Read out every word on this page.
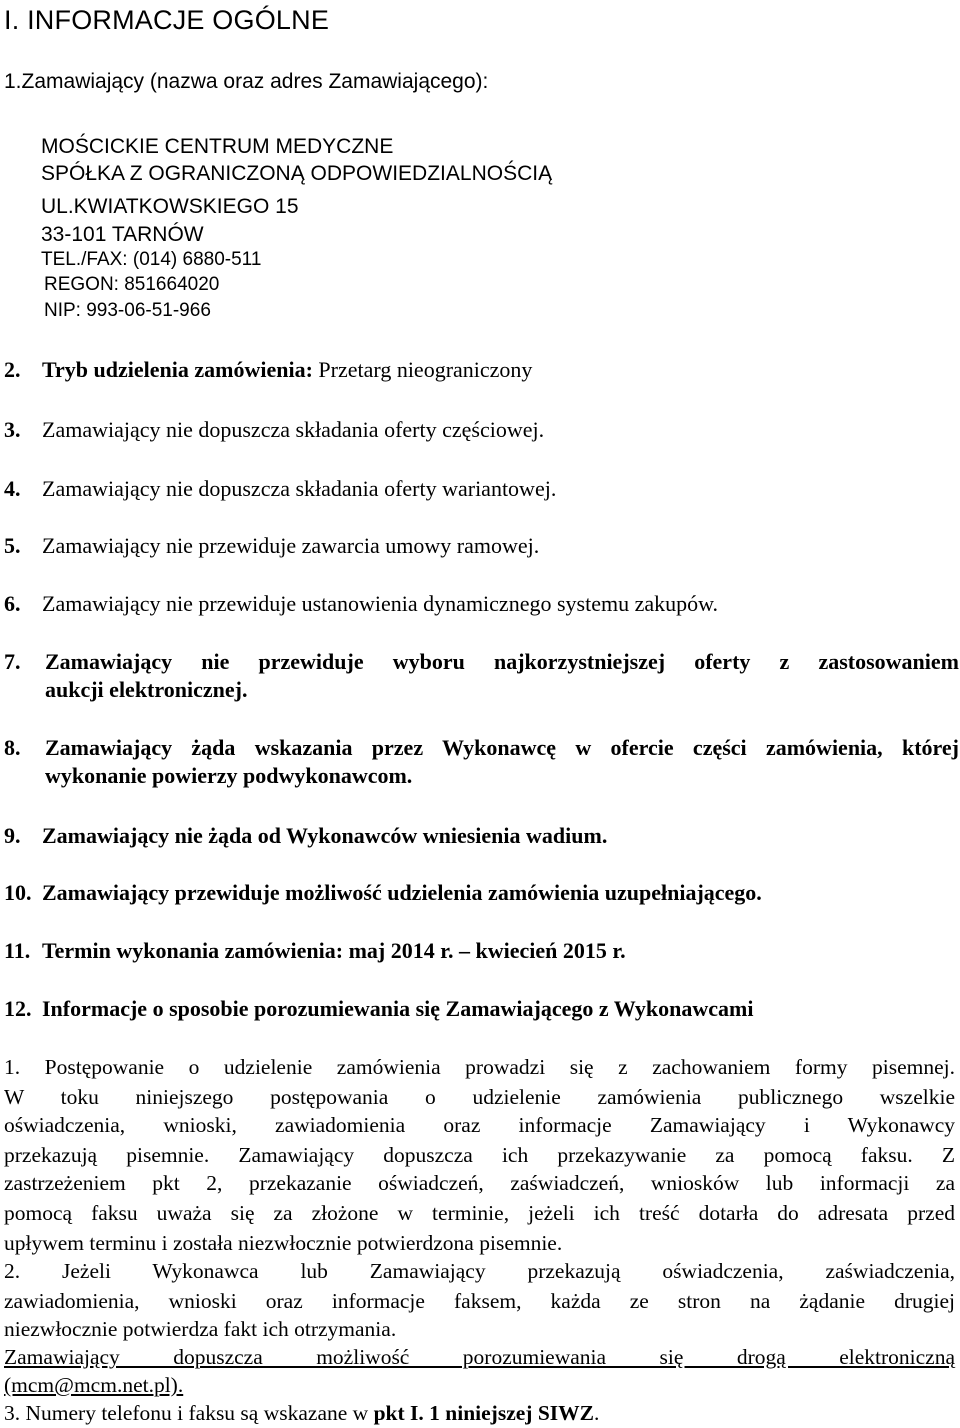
I. INFORMACJE OGÓLNE
1.Zamawiający (nazwa oraz adres Zamawiającego):
MOŚCICKIE CENTRUM MEDYCZNE
SPÓŁKA Z OGRANICZONĄ ODPOWIEDZIALNOŚCIĄ
UL.KWIATKOWSKIEGO 15
33-101 TARNÓW
TEL./FAX: (014) 6880-511
REGON: 851664020
NIP: 993-06-51-966
2. Tryb udzielenia zamówienia: Przetarg nieograniczony
3. Zamawiający nie dopuszcza składania oferty częściowej.
4. Zamawiający nie dopuszcza składania oferty wariantowej.
5. Zamawiający nie przewiduje zawarcia umowy ramowej.
6. Zamawiający nie przewiduje ustanowienia dynamicznego systemu zakupów.
7. Zamawiający nie przewiduje wyboru najkorzystniejszej oferty z zastosowaniem
aukcji elektronicznej.
8. Zamawiający żąda wskazania przez Wykonawcę w ofercie części zamówienia, której
wykonanie powierzy podwykonawcom.
9. Zamawiający nie żąda od Wykonawców wniesienia wadium.
10. Zamawiający przewiduje możliwość udzielenia zamówienia uzupełniającego.
11. Termin wykonania zamówienia: maj 2014 r. – kwiecień 2015 r.
12. Informacje o sposobie porozumiewania się Zamawiającego z Wykonawcami
1. Postępowanie o udzielenie zamówienia prowadzi się z zachowaniem formy pisemnej.
W toku niniejszego postępowania o udzielenie zamówienia publicznego wszelkie
oświadczenia, wnioski, zawiadomienia oraz informacje Zamawiający i Wykonawcy
przekazują pisemnie. Zamawiający dopuszcza ich przekazywanie za pomocą faksu. Z
zastrzeżeniem pkt 2, przekazanie oświadczeń, zaświadczeń, wniosków lub informacji za
pomocą faksu uważa się za złożone w terminie, jeżeli ich treść dotarła do adresata przed
upływem terminu i została niezwłocznie potwierdzona pisemnie.
2. Jeżeli Wykonawca lub Zamawiający przekazują oświadczenia, zaświadczenia,
zawiadomienia, wnioski oraz informacje faksem, każda ze stron na żądanie drugiej
niezwłocznie potwierdza fakt ich otrzymania.
Zamawiający dopuszcza możliwość porozumiewania się drogą elektroniczną
(mcm@mcm.net.pl).
3. Numery telefonu i faksu są wskazane w pkt I. 1 niniejszej SIWZ.
